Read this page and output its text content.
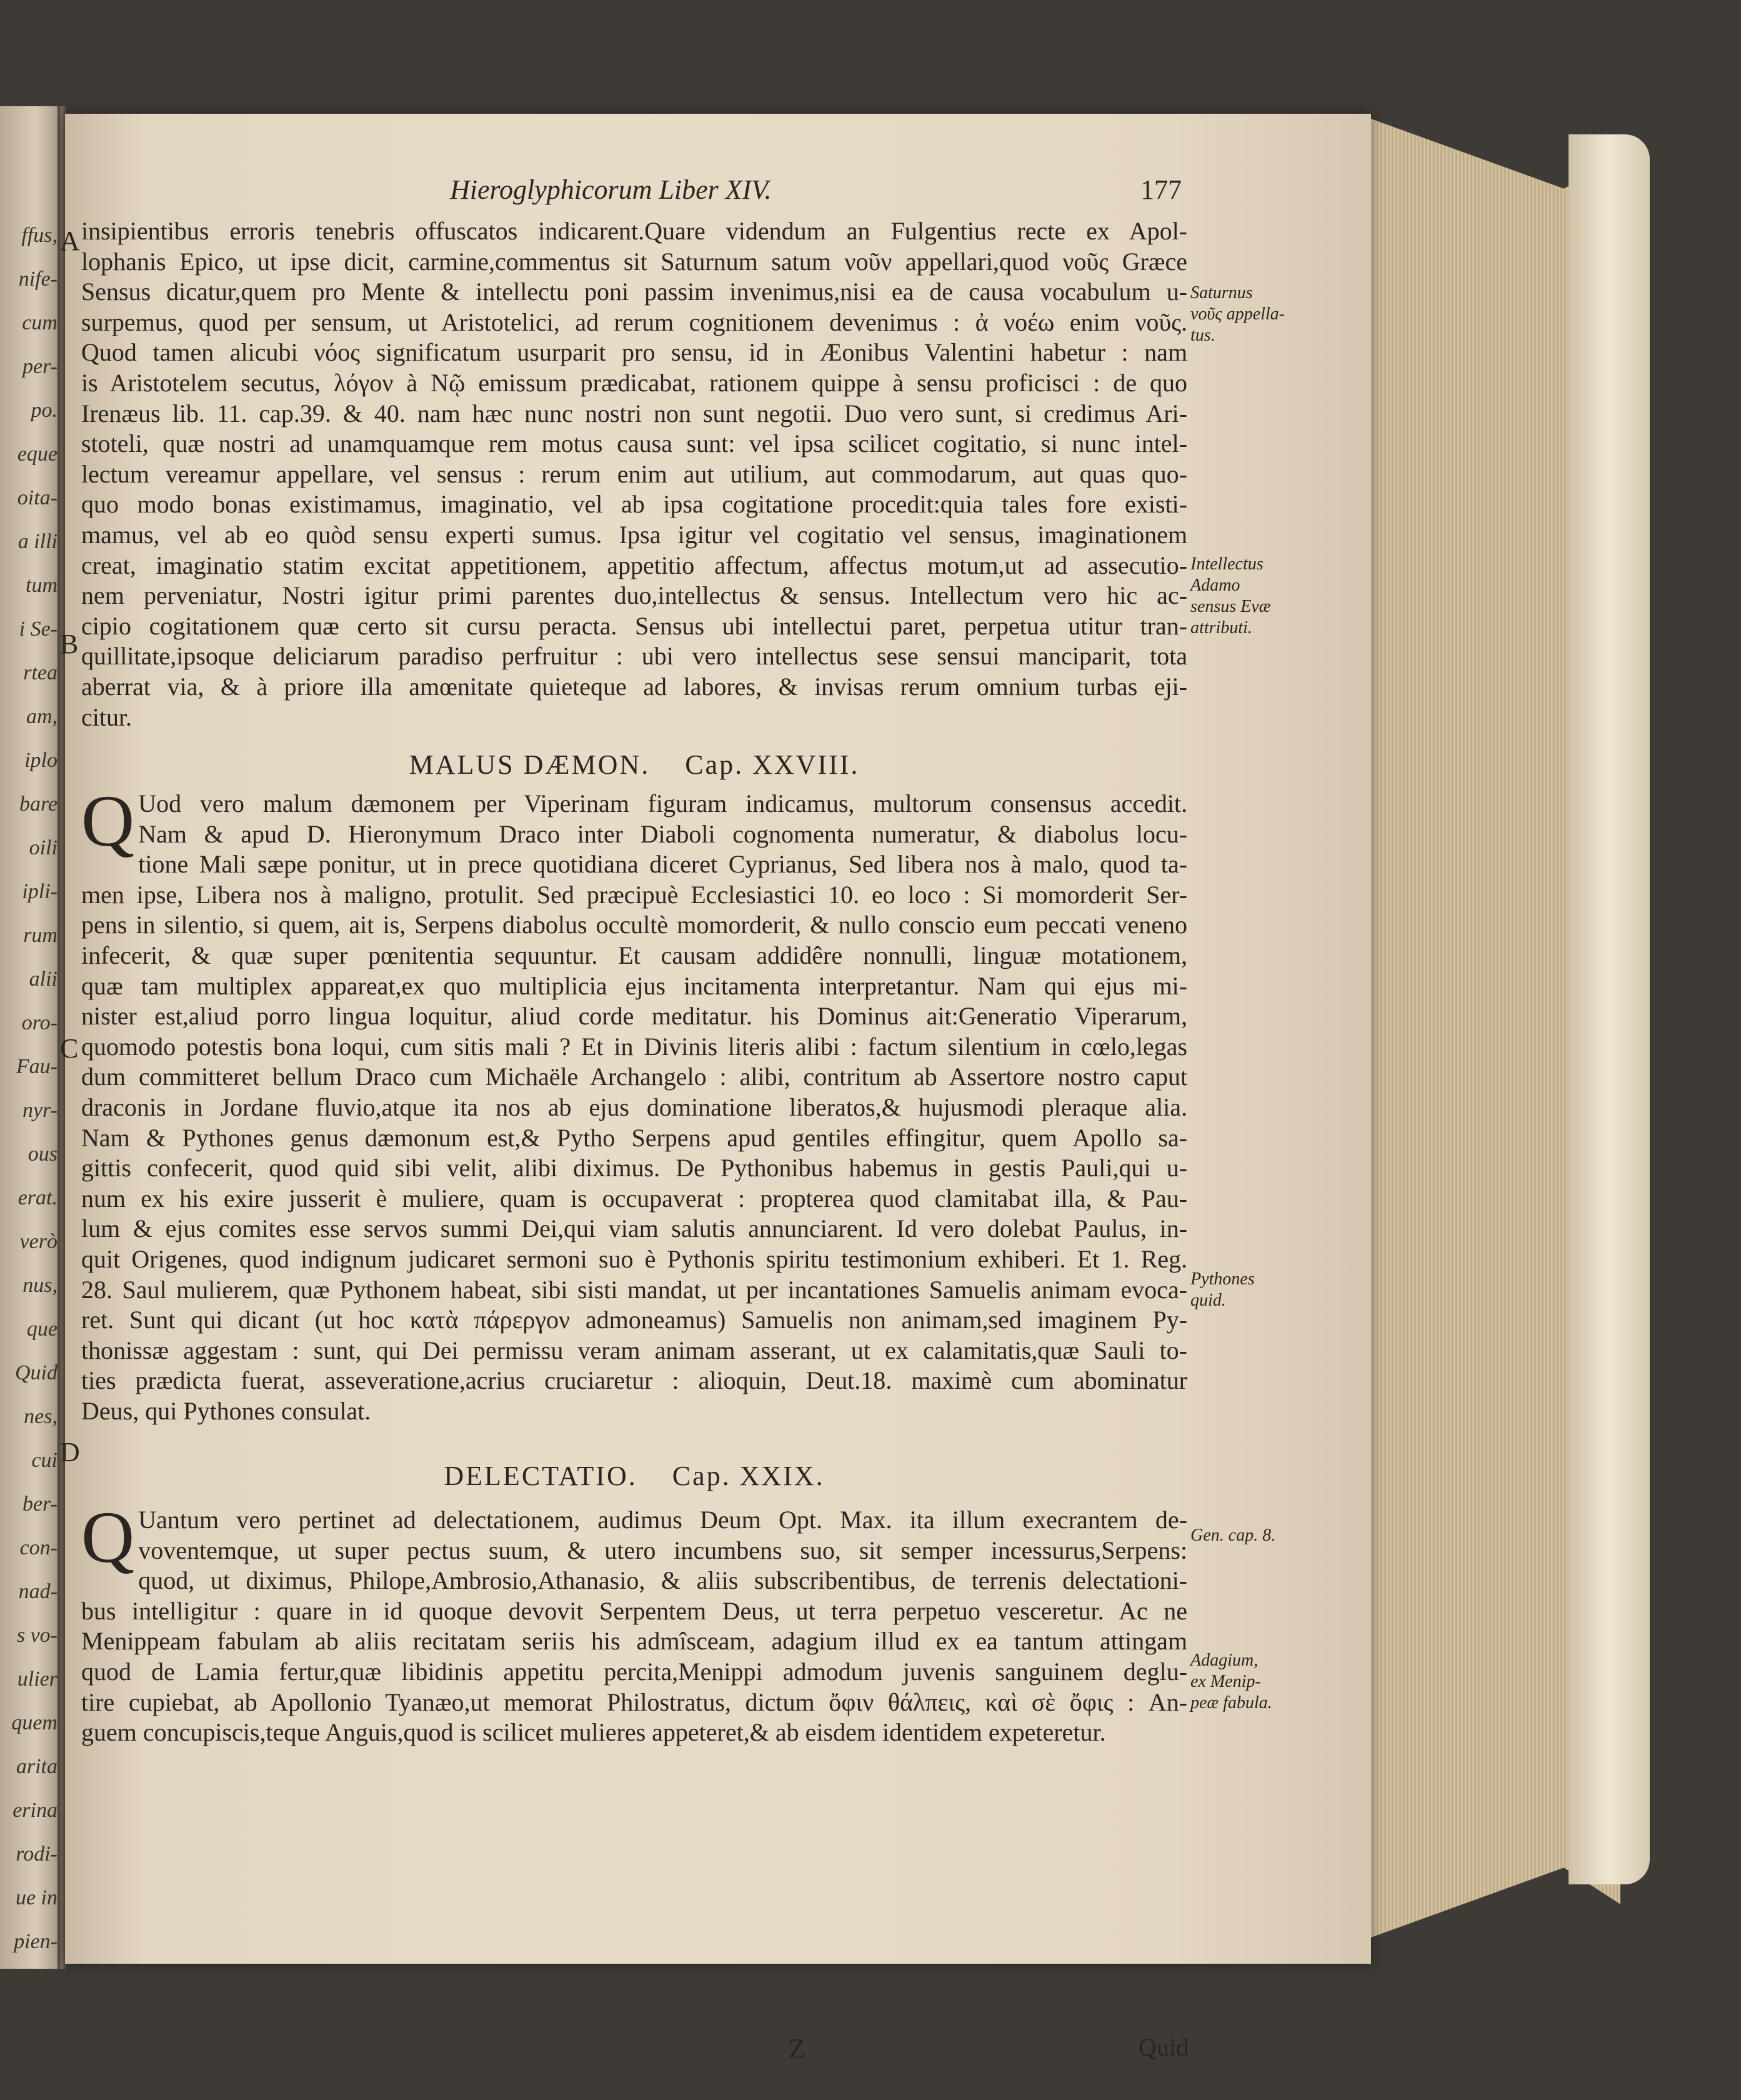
ffus,
nife-
cum
per-
po.
eque
oita-
a illi
tum
i Se-
rtea
am,
iplo
bare
oili
ipli-
rum
alii
oro-
Fau-
nyr-
ous
erat.
verò
nus,
que
Quid
nes,
cui
ber-
con-
nad-
s vo-
ulier
quem
arita
erina
rodi-
ue in
pien-
Hieroglyphicorum Liber XIV.	177
A
B
C
D
insipientibus erroris tenebris offuscatos indicarent.Quare videndum an Fulgentius recte ex Apol-
lophanis Epico, ut ipse dicit, carmine,commentus sit Saturnum satum νοῦν appellari,quod νοῦς Græce
Sensus dicatur,quem pro Mente & intellectu poni passim invenimus,nisi ea de causa vocabulum u-
surpemus, quod per sensum, ut Aristotelici, ad rerum cognitionem devenimus : ἀ νοέω enim νοῦς.
Quod tamen alicubi νόος significatum usurparit pro sensu, id in Æonibus Valentini habetur : nam
is Aristotelem secutus, λόγον à Nῷ emissum prædicabat, rationem quippe à sensu proficisci : de quo
Irenæus lib. 11. cap.39. & 40. nam hæc nunc nostri non sunt negotii. Duo vero sunt, si credimus Ari-
stoteli, quæ nostri ad unamquamque rem motus causa sunt: vel ipsa scilicet cogitatio, si nunc intel-
lectum vereamur appellare, vel sensus : rerum enim aut utilium, aut commodarum, aut quas quo-
quo modo bonas existimamus, imaginatio, vel ab ipsa cogitatione procedit:quia tales fore existi-
mamus, vel ab eo quòd sensu experti sumus. Ipsa igitur vel cogitatio vel sensus, imaginationem
creat, imaginatio statim excitat appetitionem, appetitio affectum, affectus motum,ut ad assecutio-
nem perveniatur, Nostri igitur primi parentes duo,intellectus & sensus. Intellectum vero hic ac-
cipio cogitationem quæ certo sit cursu peracta. Sensus ubi intellectui paret, perpetua utitur tran-
quillitate,ipsoque deliciarum paradiso perfruitur : ubi vero intellectus sese sensui manciparit, tota
aberrat via, & à priore illa amœnitate quieteque ad labores, & invisas rerum omnium turbas eji-
citur.
MALUS DÆMON. Cap. XXVIII.
Q Uod vero malum dæmonem per Viperinam figuram indicamus, multorum consensus accedit.
Nam & apud D. Hieronymum Draco inter Diaboli cognomenta numeratur, & diabolus locu-
tione Mali sæpe ponitur, ut in prece quotidiana diceret Cyprianus, Sed libera nos à malo, quod ta-
men ipse, Libera nos à maligno, protulit. Sed præcipuè Ecclesiastici 10. eo loco : Si momorderit Ser-
pens in silentio, si quem, ait is, Serpens diabolus occultè momorderit, & nullo conscio eum peccati veneno
infecerit, & quæ super pœnitentia sequuntur. Et causam addidêre nonnulli, linguæ motationem,
quæ tam multiplex appareat,ex quo multiplicia ejus incitamenta interpretantur. Nam qui ejus mi-
nister est,aliud porro lingua loquitur, aliud corde meditatur. his Dominus ait:Generatio Viperarum,
quomodo potestis bona loqui, cum sitis mali ? Et in Divinis literis alibi : factum silentium in cœlo,legas
dum committeret bellum Draco cum Michaële Archangelo : alibi, contritum ab Assertore nostro caput
draconis in Jordane fluvio,atque ita nos ab ejus dominatione liberatos,& hujusmodi pleraque alia.
Nam & Pythones genus dæmonum est,& Pytho Serpens apud gentiles effingitur, quem Apollo sa-
gittis confecerit, quod quid sibi velit, alibi diximus. De Pythonibus habemus in gestis Pauli,qui u-
num ex his exire jusserit è muliere, quam is occupaverat : propterea quod clamitabat illa, & Pau-
lum & ejus comites esse servos summi Dei,qui viam salutis annunciarent. Id vero dolebat Paulus, in-
quit Origenes, quod indignum judicaret sermoni suo è Pythonis spiritu testimonium exhiberi. Et 1. Reg.
28. Saul mulierem, quæ Pythonem habeat, sibi sisti mandat, ut per incantationes Samuelis animam evoca-
ret. Sunt qui dicant (ut hoc κατὰ πάρεργον admoneamus) Samuelis non animam,sed imaginem Py-
thonissæ aggestam : sunt, qui Dei permissu veram animam asserant, ut ex calamitatis,quæ Sauli to-
ties prædicta fuerat, asseveratione,acrius cruciaretur : alioquin, Deut.18. maximè cum abominatur
Deus, qui Pythones consulat.
DELECTATIO. Cap. XXIX.
Q Uantum vero pertinet ad delectationem, audimus Deum Opt. Max. ita illum execrantem de-
voventemque, ut super pectus suum, & utero incumbens suo, sit semper incessurus,Serpens:
quod, ut diximus, Philope,Ambrosio,Athanasio, & aliis subscribentibus, de terrenis delectationi-
bus intelligitur : quare in id quoque devovit Serpentem Deus, ut terra perpetuo vesceretur. Ac ne
Menippeam fabulam ab aliis recitatam seriis his admîsceam, adagium illud ex ea tantum attingam
quod de Lamia fertur,quæ libidinis appetitu percita,Menippi admodum juvenis sanguinem deglu-
tire cupiebat, ab Apollonio Tyanæo,ut memorat Philostratus, dictum ὄφιν θάλπεις, καὶ σὲ ὄφις : An-
guem concupiscis,teque Anguis,quod is scilicet mulieres appeteret,& ab eisdem identidem expeteretur.
Saturnus
νοῦς appella-
tus.
Intellectus
Adamo
sensus Evæ
attributi.
Pythones
quid.
Gen. cap. 8.
Adagium,
ex Menip-
peæ fabula.
Z	Quid
